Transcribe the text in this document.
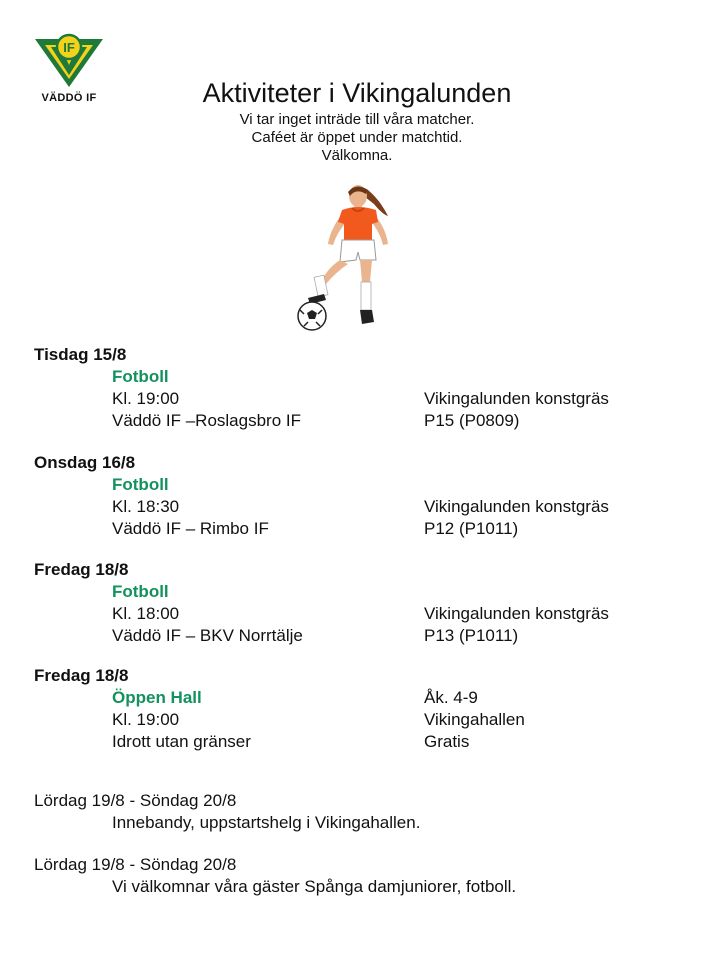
IF
VÄDDÖ IF	Aktiviteter i Vikingalunden
Vi tar inget inträde till våra matcher.
Caféet är öppet under matchtid.
Välkomna.
Tisdag 15/8
Fotboll
Kl. 19:00	Vikingalunden konstgräs
Väddö IF –Roslagsbro IF	P15 (P0809)
Onsdag 16/8
Fotboll
Kl. 18:30	Vikingalunden konstgräs
Väddö IF – Rimbo IF	P12 (P1011)
Fredag 18/8
Fotboll
Kl. 18:00	Vikingalunden konstgräs
Väddö IF – BKV Norrtälje	P13 (P1011)
Fredag 18/8
Öppen Hall	Åk. 4-9
Kl. 19:00	Vikingahallen
Idrott utan gränser	Gratis
Lördag 19/8 - Söndag 20/8
Innebandy, uppstartshelg i Vikingahallen.
Lördag 19/8 - Söndag 20/8
Vi välkomnar våra gäster Spånga damjuniorer, fotboll.
